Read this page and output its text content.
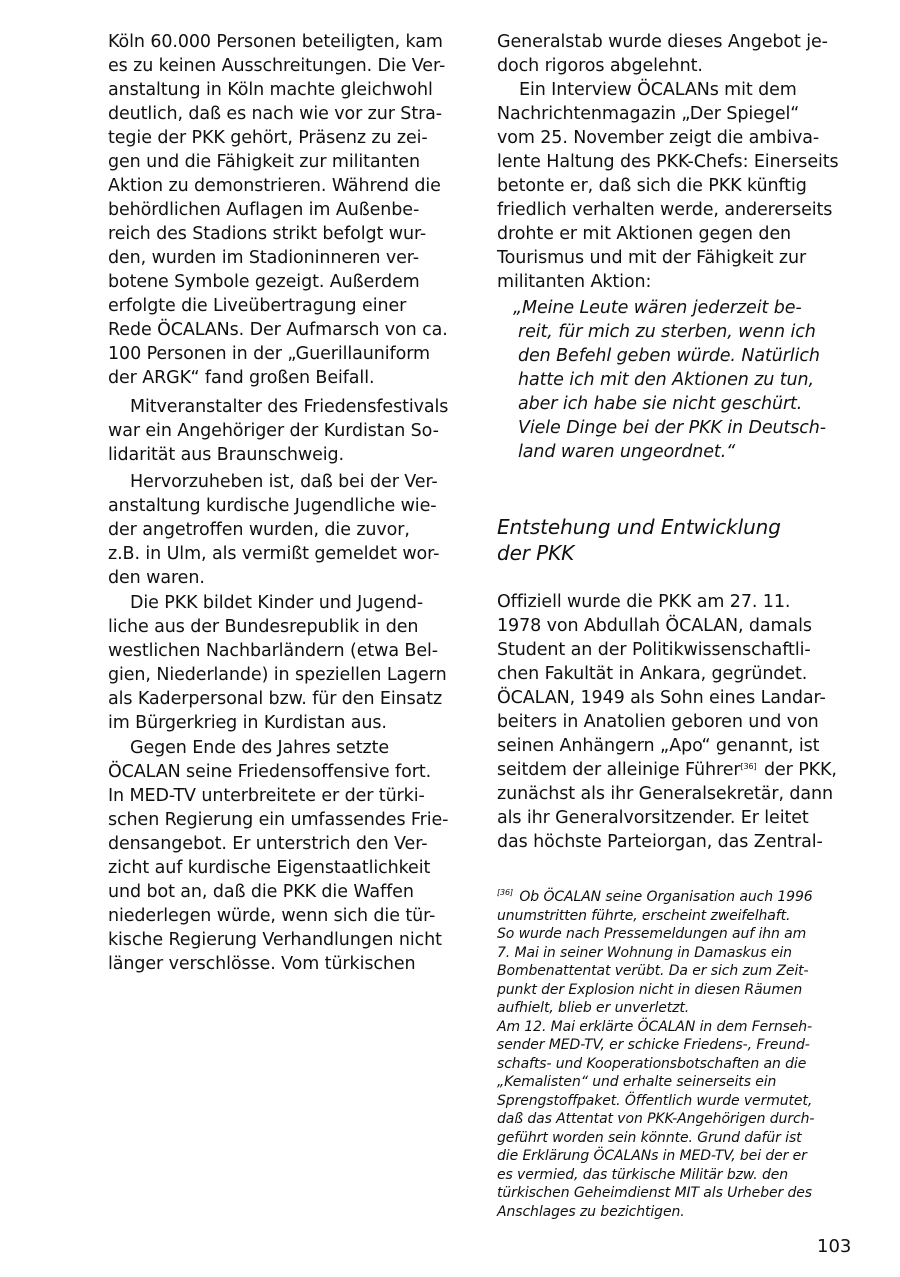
Köln 60.000 Personen beteiligten, kam
es zu keinen Ausschreitungen. Die Ver-
anstaltung in Köln machte gleichwohl
deutlich, daß es nach wie vor zur Stra-
tegie der PKK gehört, Präsenz zu zei-
gen und die Fähigkeit zur militanten
Aktion zu demonstrieren. Während die
behördlichen Auflagen im Außenbe-
reich des Stadions strikt befolgt wur-
den, wurden im Stadioninneren ver-
botene Symbole gezeigt. Außerdem
erfolgte die Liveübertragung einer
Rede ÖCALANs. Der Aufmarsch von ca.
100 Personen in der „Guerillauniform
der ARGK“ fand großen Beifall.
Mitveranstalter des Friedensfestivals
war ein Angehöriger der Kurdistan So-
lidarität aus Braunschweig.
Hervorzuheben ist, daß bei der Ver-
anstaltung kurdische Jugendliche wie-
der angetroffen wurden, die zuvor,
z.B. in Ulm, als vermißt gemeldet wor-
den waren.
Die PKK bildet Kinder und Jugend-
liche aus der Bundesrepublik in den
westlichen Nachbarländern (etwa Bel-
gien, Niederlande) in speziellen Lagern
als Kaderpersonal bzw. für den Einsatz
im Bürgerkrieg in Kurdistan aus.
Gegen Ende des Jahres setzte
ÖCALAN seine Friedensoffensive fort.
In MED-TV unterbreitete er der türki-
schen Regierung ein umfassendes Frie-
densangebot. Er unterstrich den Ver-
zicht auf kurdische Eigenstaatlichkeit
und bot an, daß die PKK die Waffen
niederlegen würde, wenn sich die tür-
kische Regierung Verhandlungen nicht
länger verschlösse. Vom türkischen
Generalstab wurde dieses Angebot je-
doch rigoros abgelehnt.
Ein Interview ÖCALANs mit dem
Nachrichtenmagazin „Der Spiegel“
vom 25. November zeigt die ambiva-
lente Haltung des PKK-Chefs: Einerseits
betonte er, daß sich die PKK künftig
friedlich verhalten werde, andererseits
drohte er mit Aktionen gegen den
Tourismus und mit der Fähigkeit zur
militanten Aktion:
„Meine Leute wären jederzeit be-
reit, für mich zu sterben, wenn ich
den Befehl geben würde. Natürlich
hatte ich mit den Aktionen zu tun,
aber ich habe sie nicht geschürt.
Viele Dinge bei der PKK in Deutsch-
land waren ungeordnet.“
Entstehung und Entwicklung
der PKK
Offiziell wurde die PKK am 27. 11.
1978 von Abdullah ÖCALAN, damals
Student an der Politikwissenschaftli-
chen Fakultät in Ankara, gegründet.
ÖCALAN, 1949 als Sohn eines Landar-
beiters in Anatolien geboren und von
seinen Anhängern „Apo“ genannt, ist
seitdem der alleinige Führer[36] der PKK,
zunächst als ihr Generalsekretär, dann
als ihr Generalvorsitzender. Er leitet
das höchste Parteiorgan, das Zentral-
[36] Ob ÖCALAN seine Organisation auch 1996
unumstritten führte, erscheint zweifelhaft.
So wurde nach Pressemeldungen auf ihn am
7. Mai in seiner Wohnung in Damaskus ein
Bombenattentat verübt. Da er sich zum Zeit-
punkt der Explosion nicht in diesen Räumen
aufhielt, blieb er unverletzt.
Am 12. Mai erklärte ÖCALAN in dem Fernseh-
sender MED-TV, er schicke Friedens-, Freund-
schafts- und Kooperationsbotschaften an die
„Kemalisten“ und erhalte seinerseits ein
Sprengstoffpaket. Öffentlich wurde vermutet,
daß das Attentat von PKK-Angehörigen durch-
geführt worden sein könnte. Grund dafür ist
die Erklärung ÖCALANs in MED-TV, bei der er
es vermied, das türkische Militär bzw. den
türkischen Geheimdienst MIT als Urheber des
Anschlages zu bezichtigen.
103
